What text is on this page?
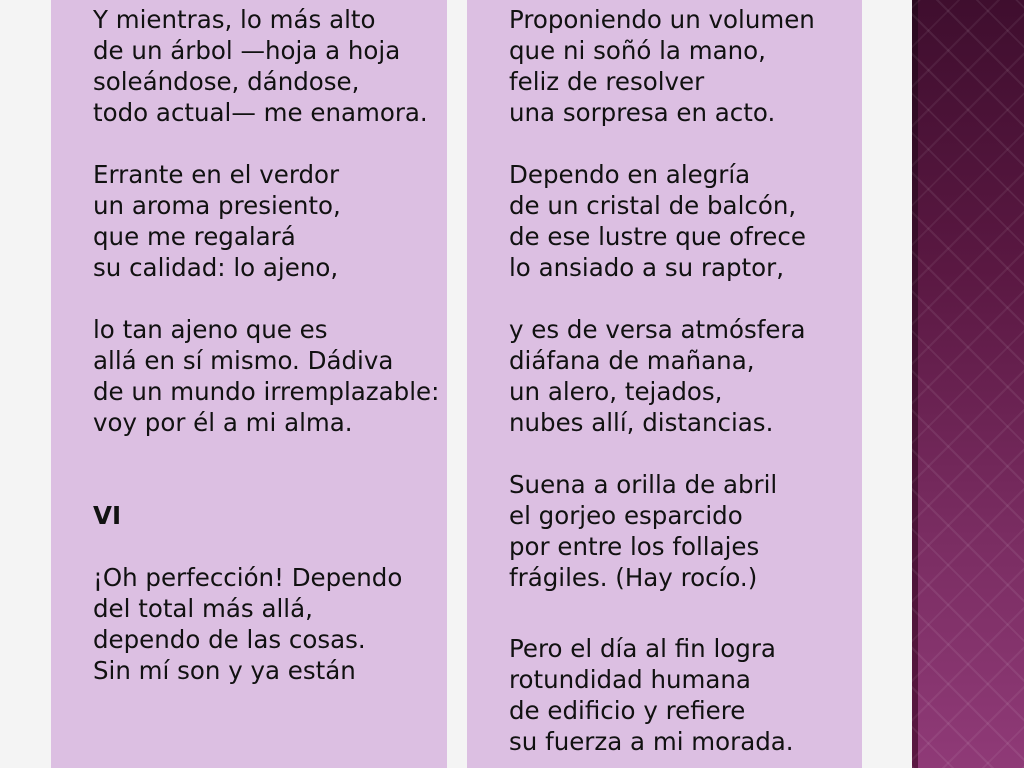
Y mientras, lo más alto
de un árbol —hoja a hoja
soleándose, dándose,
todo actual— me enamora.
Errante en el verdor
un aroma presiento,
que me regalará
su calidad: lo ajeno,
lo tan ajeno que es
allá en sí mismo. Dádiva
de un mundo irremplazable:
voy por él a mi alma.
VI
¡Oh perfección! Dependo
del total más allá,
dependo de las cosas.
Sin mí son y ya están
Proponiendo un volumen
que ni soñó la mano,
feliz de resolver
una sorpresa en acto.
Dependo en alegría
de un cristal de balcón,
de ese lustre que ofrece
lo ansiado a su raptor,
y es de versa atmósfera
diáfana de mañana,
un alero, tejados,
nubes allí, distancias.
Suena a orilla de abril
el gorjeo esparcido
por entre los follajes
frágiles. (Hay rocío.)
Pero el día al fin logra
rotundidad humana
de edificio y refiere
su fuerza a mi morada.
